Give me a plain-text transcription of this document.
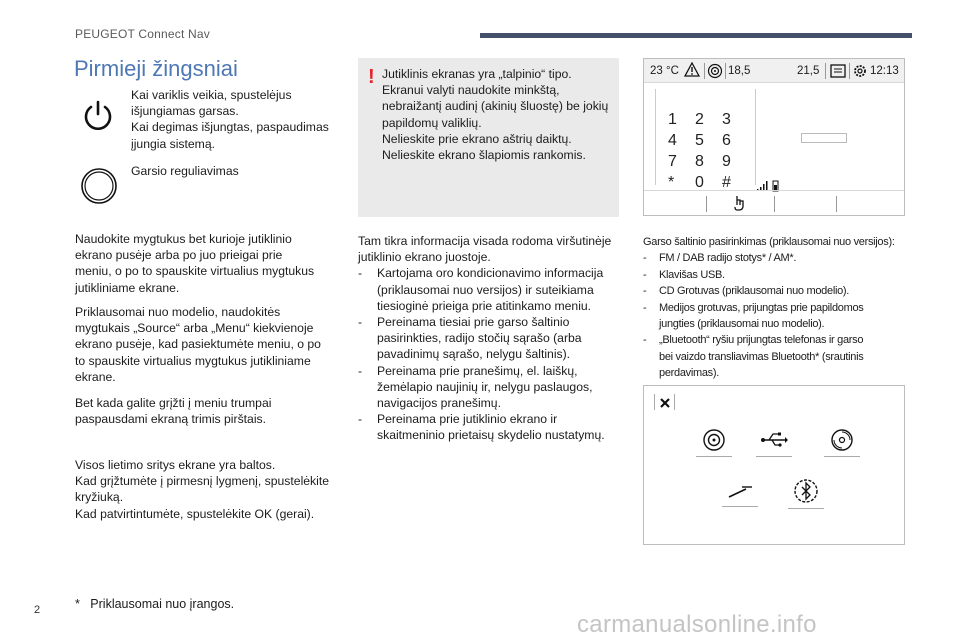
PEUGEOT Connect Nav
Pirmieji žingsniai
Kai variklis veikia, spustelėjus
išjungiamas garsas.
Kai degimas išjungtas, paspaudimas
įjungia sistemą.
Garsio reguliavimas
Naudokite mygtukus bet kurioje jutiklinio
ekrano pusėje arba po juo prieigai prie
meniu, o po to spauskite virtualius mygtukus
jutikliniame ekrane.
Priklausomai nuo modelio, naudokitės
mygtukais „Source“ arba „Menu“ kiekvienoje
ekrano pusėje, kad pasiektumėte meniu, o po
to spauskite virtualius mygtukus jutikliniame
ekrane.
Bet kada galite grįžti į meniu trumpai
paspausdami ekraną trimis pirštais.
Visos lietimo sritys ekrane yra baltos.
Kad grįžtumėte į pirmesnį lygmenį, spustelėkite
kryžiuką.
Kad patvirtintumėte, spustelėkite OK (gerai).
! Jutiklinis ekranas yra „talpinio“ tipo.
Ekranui valyti naudokite minkštą,
nebraižantį audinį (akinių šluostę) be jokių
papildomų valiklių.
Nelieskite prie ekrano aštrių daiktų.
Nelieskite ekrano šlapiomis rankomis.
Tam tikra informacija visada rodoma viršutinėje
jutiklinio ekrano juostoje.
-	Kartojama oro kondicionavimo informacija
(priklausomai nuo versijos) ir suteikiama
tiesioginė prieiga prie atitinkamo meniu.
-	Pereinama tiesiai prie garso šaltinio
pasirinkties, radijo stočių sąrašo (arba
pavadinimų sąrašo, nelygu šaltinis).
-	Pereinama prie pranešimų, el. laiškų,
žemėlapio naujinių ir, nelygu paslaugos,
navigacijos pranešimų.
-	Pereinama prie jutiklinio ekrano ir
skaitmeninio prietaisų skydelio nustatymų.
23 °C	18,5	21,5	12:13
1	2	3
4	5	6
7	8	9
*	0	#
Garso šaltinio pasirinkimas (priklausomai nuo versijos):
-	FM / DAB radijo stotys* / AM*.
-	Klavišas USB.
-	CD Grotuvas (priklausomai nuo modelio).
-	Medijos grotuvas, prijungtas prie papildomos
jungties (priklausomai nuo modelio).
-	„Bluetooth“ ryšiu prijungtas telefonas ir garso
bei vaizdo transliavimas Bluetooth* (srautinis
perdavimas).
* Priklausomai nuo įrangos.
2
carmanualsonline.info
